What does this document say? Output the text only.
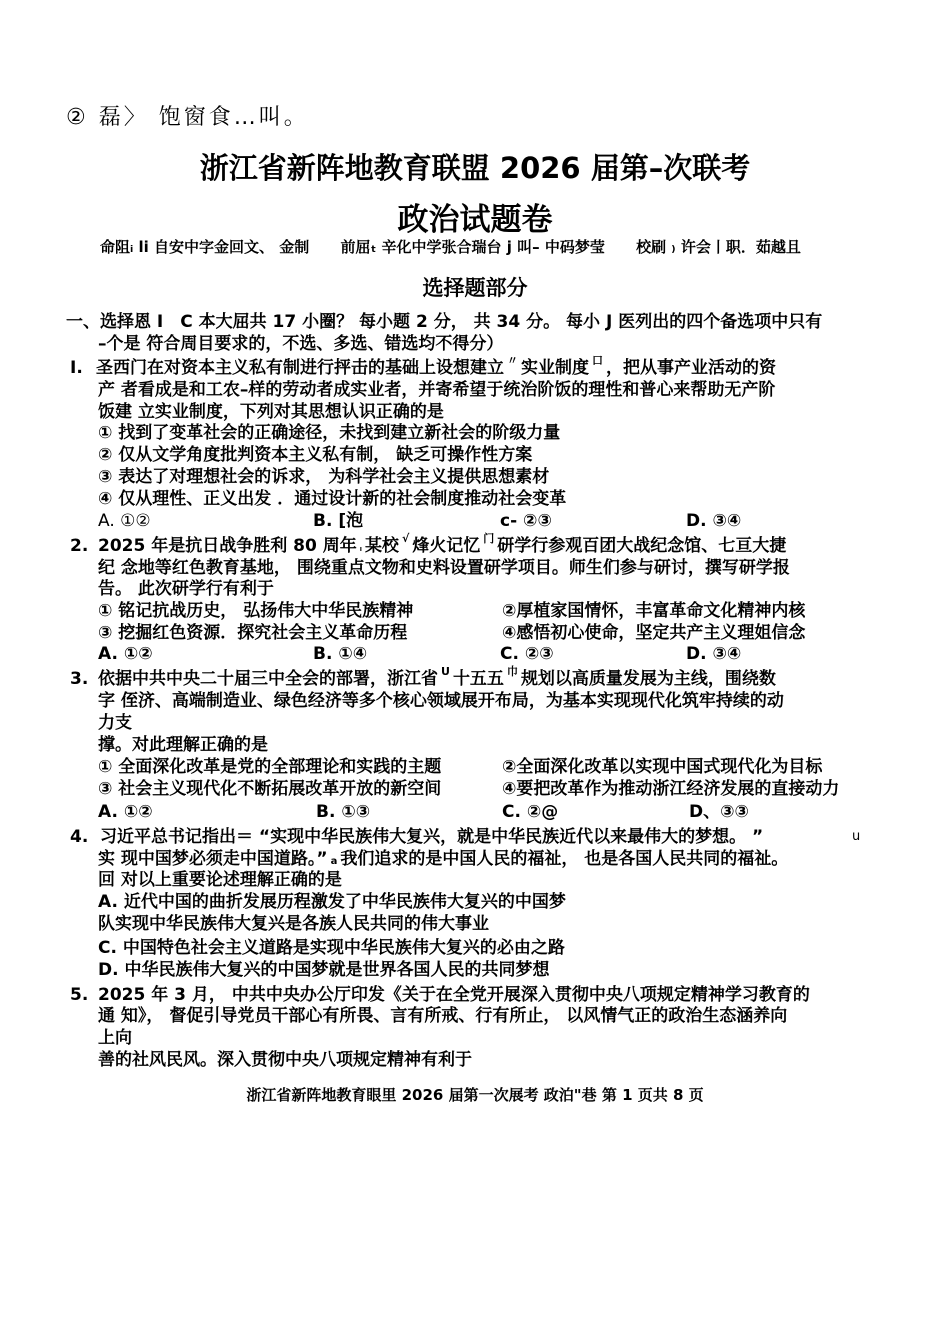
② 磊〉 饱窗食…叫。
浙江省新阵地教育联盟 2026 届第–次联考
政治试题卷
命阻ᵢ li 自安中字金回文、 金制 前屈ₜ 辛化中学张合瑞台 j 叫– 中码梦莹 校刷 ₎ 许会丨职．茹越且
选择题部分
一、选择恩 I　C 本大屈共 17 小圈？ 每小题 2 分， 共 34 分。 每小 J 医列出的四个备选项中只有
–个是 符合周目要求的，不选、多选、错选均不得分）
I. 圣西门在对资本主义私有制进行抨击的基础上设想建立 〃 实业制度 $^口$ ，把从事产业活动的资
产 者看成是和工农–样的劳动者成实业者，并寄希望于统治阶饭的理性和普心来帮助无产阶
饭建 立实业制度，下列对其思想认识正确的是
① 找到了变革社会的正确途径，未找到建立新社会的阶级力量
② 仅从文学角度批判资本主义私有制， 缺乏可操作性方案
③ 表达了对理想社会的诉求， 为科学社会主义提供思想素材
④ 仅从理性、正义出发 ．通过设计新的社会制度推动社会变革
A. ①②	B. [泡	c- ②③	D. ③④
2. 2025 年是抗日战争胜利 80 周年 ₗ 某校 √ 烽火记忆 $^门$ 研学行参观百团大战纪念馆、七亘大捷
纪 念地等红色教育基地， 围绕重点文物和史料设置研学项目。师生们参与研讨，撰写研学报
告。 此次研学行有利于
① 铭记抗战历史， 弘扬伟大中华民族精神	②厚植家国情怀，丰富革命文化精神内核
③ 挖掘红色资源．探究社会主义革命历程	④感悟初心使命，坚定共产主义理姐信念
A. ①②	B. ①④	C. ②③	D. ③④
3. 依据中共中央二十届三中全会的部署，浙江省 $^U$ 十五五 $^巾$ 规划以高质量发展为主线，围绕数
字 侄济、高端制造业、绿色经济等多个核心领域展开布局，为基本实现现代化筑牢持续的动
力支
撑。对此理解正确的是
① 全面深化改革是党的全部理论和实践的主题	②全面深化改革以实现中国式现代化为目标
③ 社会主义现代化不断拓展改革开放的新空间	④要把改革作为推动浙江经济发展的直接动力
A. ①②	B. ①③	C. ②@	D、③③
4. 习近平总书记指出＝ “实现中华民族伟大复兴，就是中华民族近代以来最伟大的梦想。 ”	u
实 现中国梦必须走中国道路。” a 我们追求的是中国人民的福祉， 也是各国人民共同的福祉。
回 对以上重要论述理解正确的是
A. 近代中国的曲折发展历程激发了中华民族伟大复兴的中国梦
队实现中华民族伟大复兴是各族人民共同的伟大事业
C. 中国特色社会主义道路是实现中华民族伟大复兴的必由之路
D. 中华民族伟大复兴的中国梦就是世界各国人民的共同梦想
5. 2025 年 3 月， 中共中央办公厅印发《关于在全党开展深入贯彻中央八项规定精神学习教育的
通 知》， 督促引导党员干部心有所畏、言有所戒、行有所止， 以风情气正的政治生态涵养向
上向
善的社风民风。深入贯彻中央八项规定精神有利于
浙江省新阵地教育眼里 2026 届第一次展考 政泊"巷 第 1 页共 8 页
